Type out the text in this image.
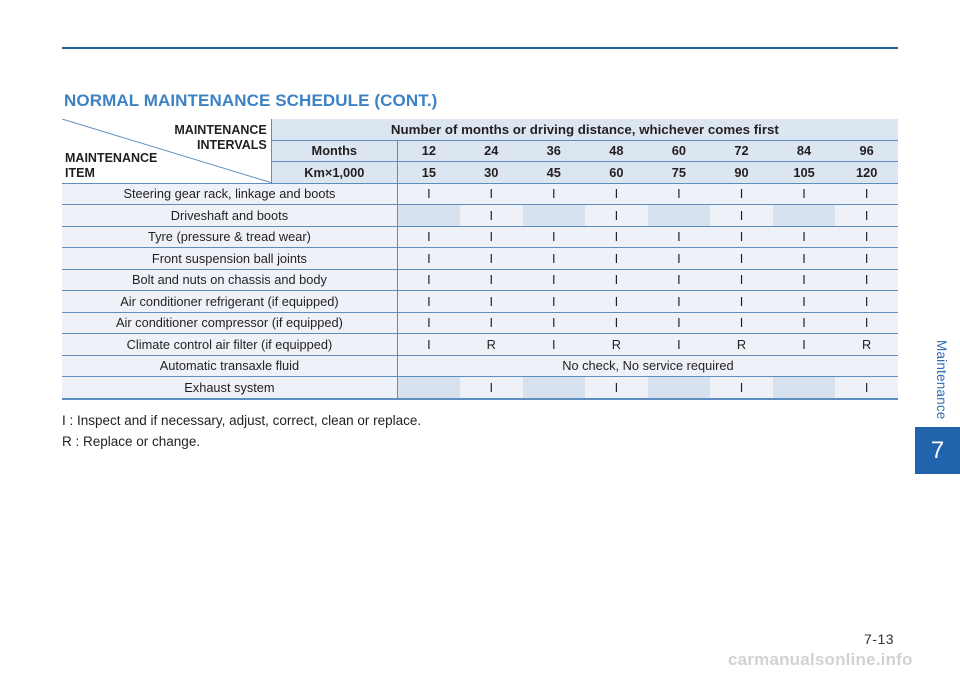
NORMAL MAINTENANCE SCHEDULE (CONT.)
MAINTENANCE
INTERVALS
MAINTENANCE
ITEM	Number of months or driving distance, whichever comes first								
	Months	12	24	36	48	60	72	84	96
	Km×1,000	15	30	45	60	75	90	105	120
Steering gear rack, linkage and boots		I	I	I	I	I	I	I	I
Driveshaft and boots			I		I		I		I
Tyre (pressure & tread wear)		I	I	I	I	I	I	I	I
Front suspension ball joints		I	I	I	I	I	I	I	I
Bolt and nuts on chassis and body		I	I	I	I	I	I	I	I
Air conditioner refrigerant (if equipped)		I	I	I	I	I	I	I	I
Air conditioner compressor (if equipped)		I	I	I	I	I	I	I	I
Climate control air filter (if equipped)		I	R	I	R	I	R	I	R
Automatic transaxle fluid		No check, No service required							
Exhaust system			I		I		I		I
I : Inspect and if necessary, adjust, correct, clean or replace.
R : Replace or change.
Maintenance
7
7-13
carmanualsonline.info
